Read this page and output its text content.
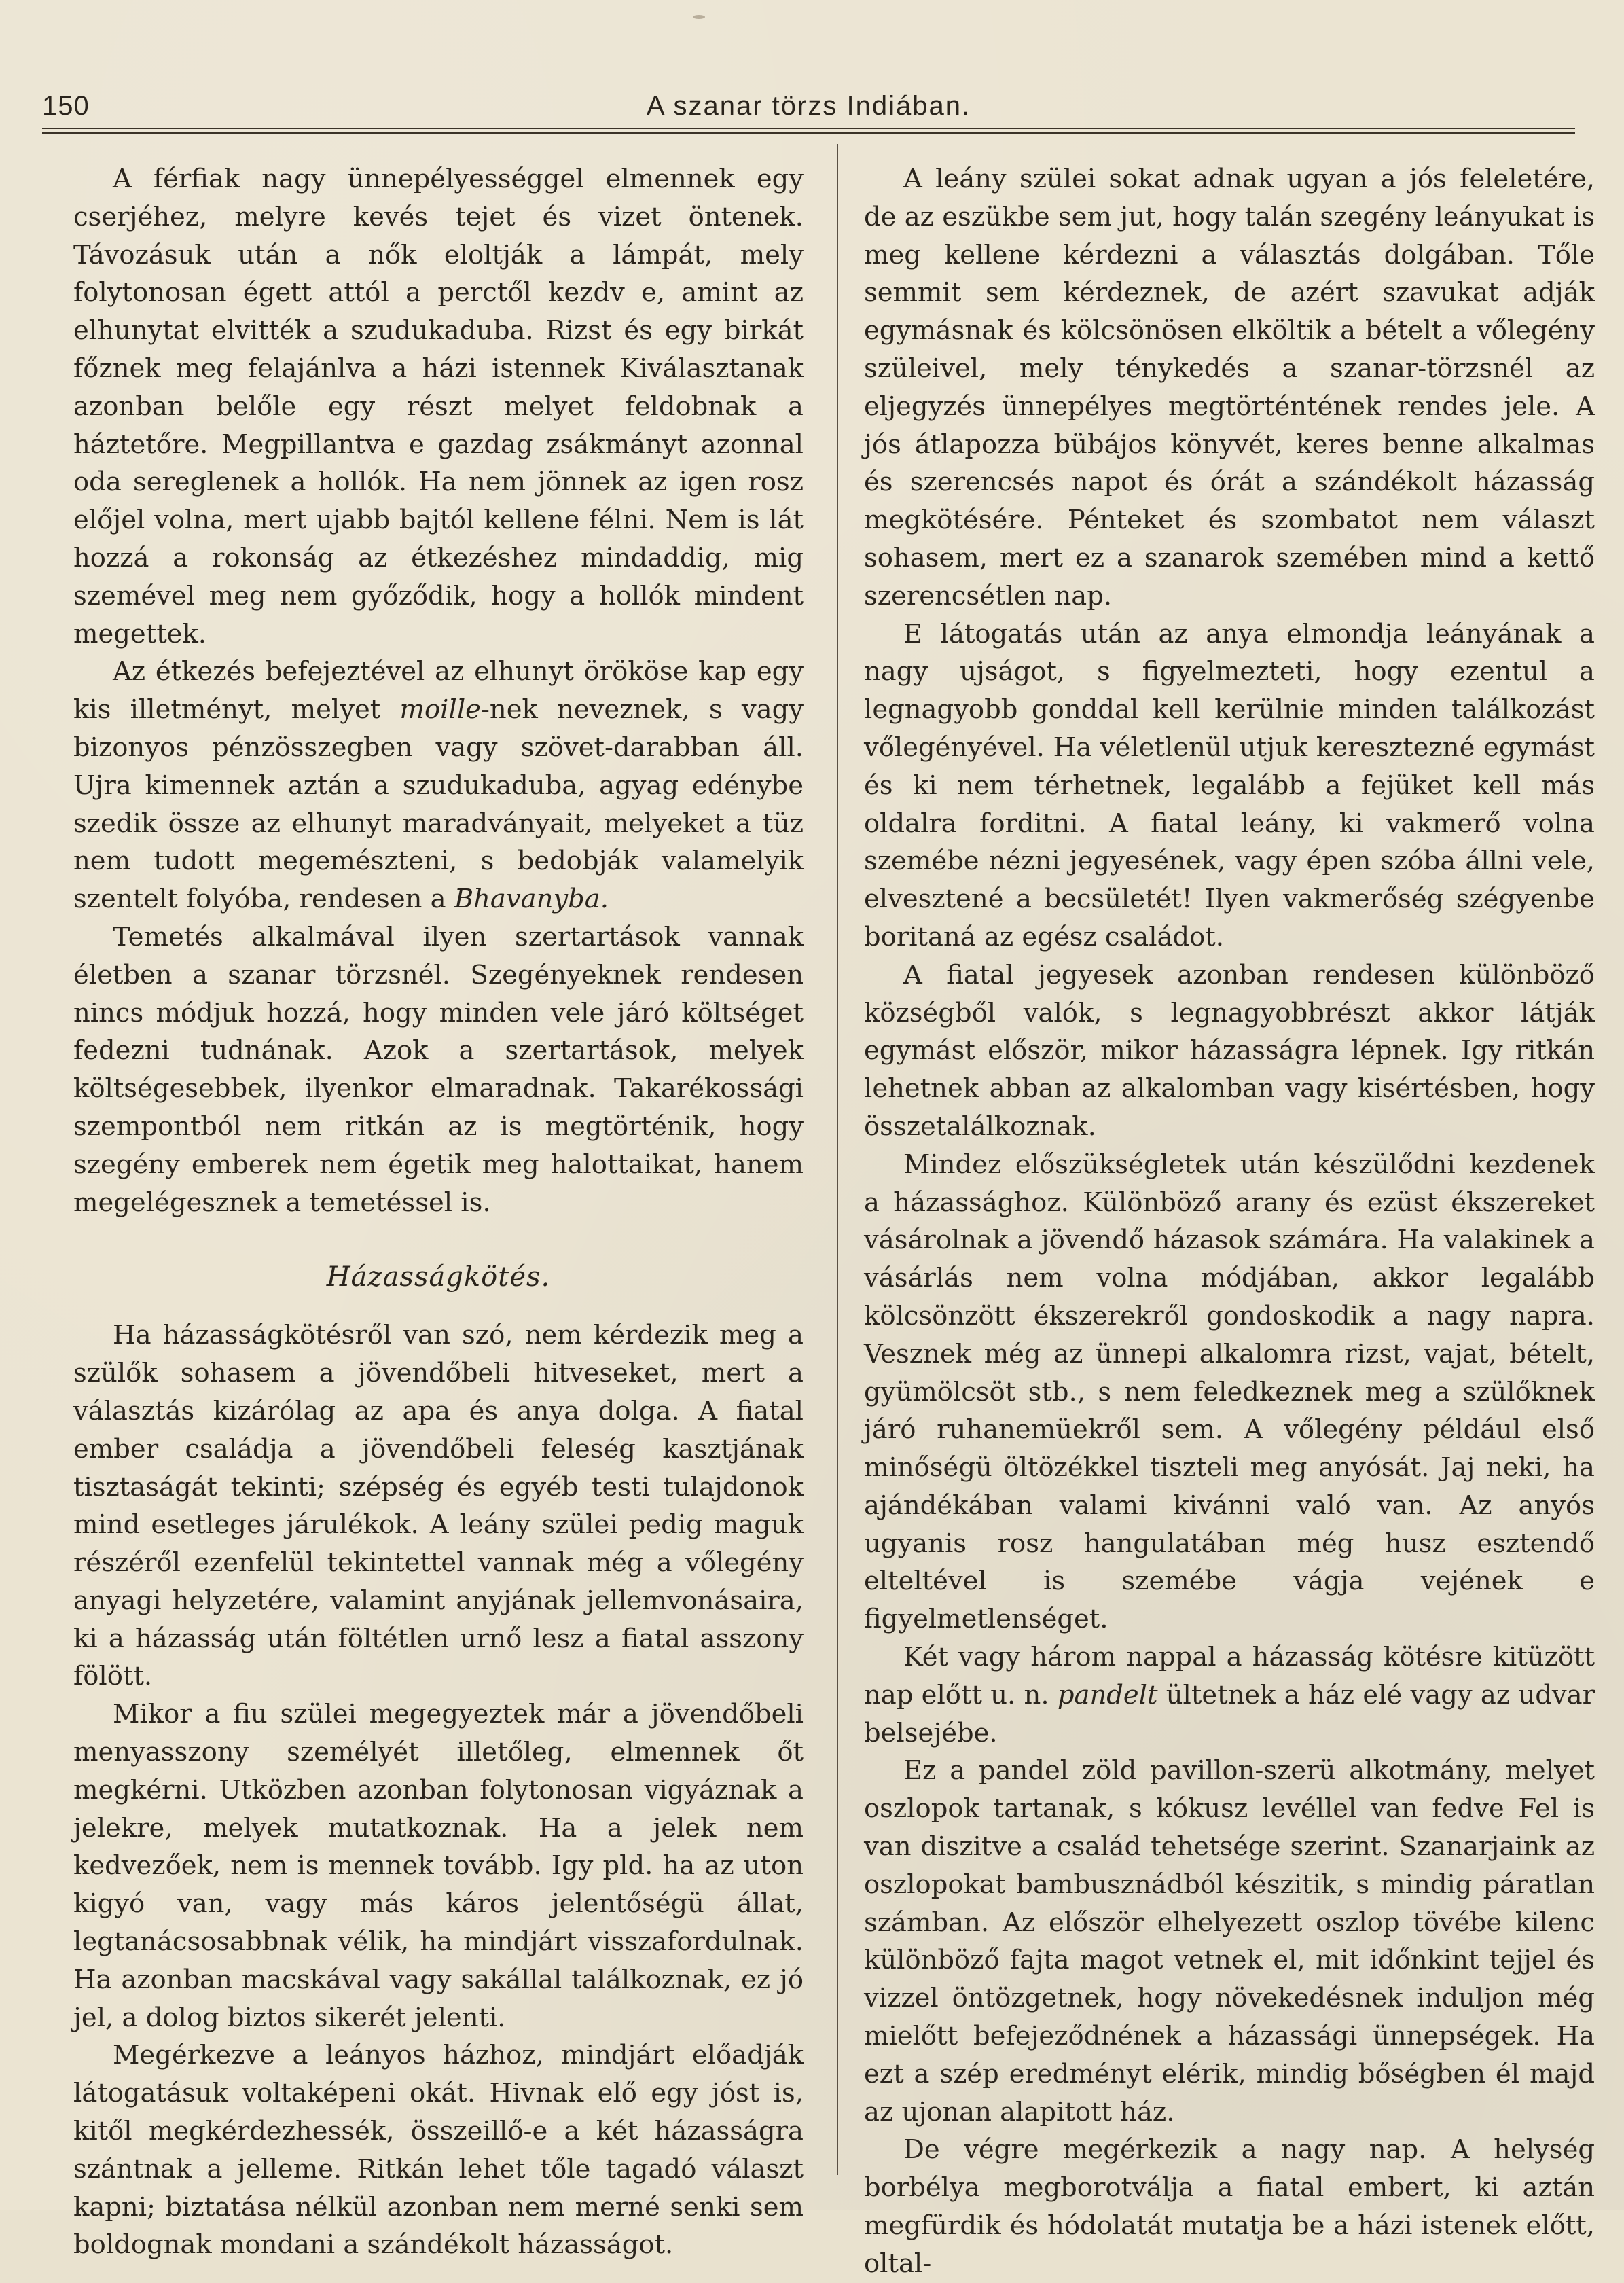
150	A szanar törzs Indiában.

A férfiak nagy ünnepélyességgel elmennek egy cserjéhez, melyre kevés tejet és vizet öntenek. Távozásuk után a nők eloltják a lámpát, mely folytonosan égett attól a perctől kezdv e, amint az elhunytat elvitték a szudukaduba. Rizst és egy birkát főznek meg felajánlva a házi istennek Kiválasztanak azonban belőle egy részt melyet feldobnak a háztetőre. Megpillantva e gazdag zsákmányt azonnal oda sereglenek a hollók. Ha nem jönnek az igen rosz előjel volna, mert ujabb bajtól kellene félni. Nem is lát hozzá a rokonság az étkezéshez mindaddig, mig szemével meg nem győződik, hogy a hollók mindent megettek.

Az étkezés befejeztével az elhunyt örököse kap egy kis illetményt, melyet moille-nek neveznek, s vagy bizonyos pénzösszegben vagy szövet-darabban áll. Ujra kimennek aztán a szudukaduba, agyag edénybe szedik össze az elhunyt maradványait, melyeket a tüz nem tudott megemészteni, s bedobják valamelyik szentelt folyóba, rendesen a Bhavanyba.

Temetés alkalmával ilyen szertartások vannak életben a szanar törzsnél. Szegényeknek rendesen nincs módjuk hozzá, hogy minden vele járó költséget fedezni tudnának. Azok a szertartások, melyek költségesebbek, ilyenkor elmaradnak. Takarékossági szempontból nem ritkán az is megtörténik, hogy szegény emberek nem égetik meg halottaikat, hanem megelégesznek a temetéssel is.

Házasságkötés.

Ha házasságkötésről van szó, nem kérdezik meg a szülők sohasem a jövendőbeli hitveseket, mert a választás kizárólag az apa és anya dolga. A fiatal ember családja a jövendőbeli feleség kasztjának tisztaságát tekinti; szépség és egyéb testi tulajdonok mind esetleges járulékok. A leány szülei pedig maguk részéről ezenfelül tekintettel vannak még a vőlegény anyagi helyzetére, valamint anyjának jellemvonásaira, ki a házasság után föltétlen urnő lesz a fiatal asszony fölött.

Mikor a fiu szülei megegyeztek már a jövendőbeli menyasszony személyét illetőleg, elmennek őt megkérni. Utközben azonban folytonosan vigyáznak a jelekre, melyek mutatkoznak. Ha a jelek nem kedvezőek, nem is mennek tovább. Igy pld. ha az uton kigyó van, vagy más káros jelentőségü állat, legtanácsosabbnak vélik, ha mindjárt visszafordulnak. Ha azonban macskával vagy sakállal találkoznak, ez jó jel, a dolog biztos sikerét jelenti.

Megérkezve a leányos házhoz, mindjárt előadják látogatásuk voltaképeni okát. Hivnak elő egy jóst is, kitől megkérdezhessék, összeillő-e a két házasságra szántnak a jelleme. Ritkán lehet tőle tagadó választ kapni; biztatása nélkül azonban nem merné senki sem boldognak mondani a szándékolt házasságot.

A leány szülei sokat adnak ugyan a jós feleletére, de az eszükbe sem jut, hogy talán szegény leányukat is meg kellene kérdezni a választás dolgában. Tőle semmit sem kérdeznek, de azért szavukat adják egymásnak és kölcsönösen elköltik a bételt a vőlegény szüleivel, mely ténykedés a szanar-törzsnél az eljegyzés ünnepélyes megtörténtének rendes jele. A jós átlapozza bübájos könyvét, keres benne alkalmas és szerencsés napot és órát a szándékolt házasság megkötésére. Pénteket és szombatot nem választ sohasem, mert ez a szanarok szemében mind a kettő szerencsétlen nap.

E látogatás után az anya elmondja leányának a nagy ujságot, s figyelmezteti, hogy ezentul a legnagyobb gonddal kell kerülnie minden találkozást vőlegényével. Ha véletlenül utjuk keresztezné egymást és ki nem térhetnek, legalább a fejüket kell más oldalra forditni. A fiatal leány, ki vakmerő volna szemébe nézni jegyesének, vagy épen szóba állni vele, elvesztené a becsületét! Ilyen vakmerőség szégyenbe boritaná az egész családot.

A fiatal jegyesek azonban rendesen különböző községből valók, s legnagyobbrészt akkor látják egymást először, mikor házasságra lépnek. Igy ritkán lehetnek abban az alkalomban vagy kisértésben, hogy összetalálkoznak.

Mindez előszükségletek után készülődni kezdenek a házassághoz. Különböző arany és ezüst ékszereket vásárolnak a jövendő házasok számára. Ha valakinek a vásárlás nem volna módjában, akkor legalább kölcsönzött ékszerekről gondoskodik a nagy napra. Vesznek még az ünnepi alkalomra rizst, vajat, bételt, gyümölcsöt stb., s nem feledkeznek meg a szülőknek járó ruhanemüekről sem. A vőlegény például első minőségü öltözékkel tiszteli meg anyósát. Jaj neki, ha ajándékában valami kivánni való van. Az anyós ugyanis rosz hangulatában még husz esztendő elteltével is szemébe vágja vejének e figyelmetlenséget.

Két vagy három nappal a házasság kötésre kitüzött nap előtt u. n. pandelt ültetnek a ház elé vagy az udvar belsejébe.

Ez a pandel zöld pavillon-szerü alkotmány, melyet oszlopok tartanak, s kókusz levéllel van fedve Fel is van diszitve a család tehetsége szerint. Szanarjaink az oszlopokat bambusznádból készitik, s mindig páratlan számban. Az először elhelyezett oszlop tövébe kilenc különböző fajta magot vetnek el, mit időnkint tejjel és vizzel öntözgetnek, hogy növekedésnek induljon még mielőtt befejeződnének a házassági ünnepségek. Ha ezt a szép eredményt elérik, mindig bőségben él majd az ujonan alapitott ház.

De végre megérkezik a nagy nap. A helység borbélya megborotválja a fiatal embert, ki aztán megfürdik és hódolatát mutatja be a házi istenek előtt, oltal-
